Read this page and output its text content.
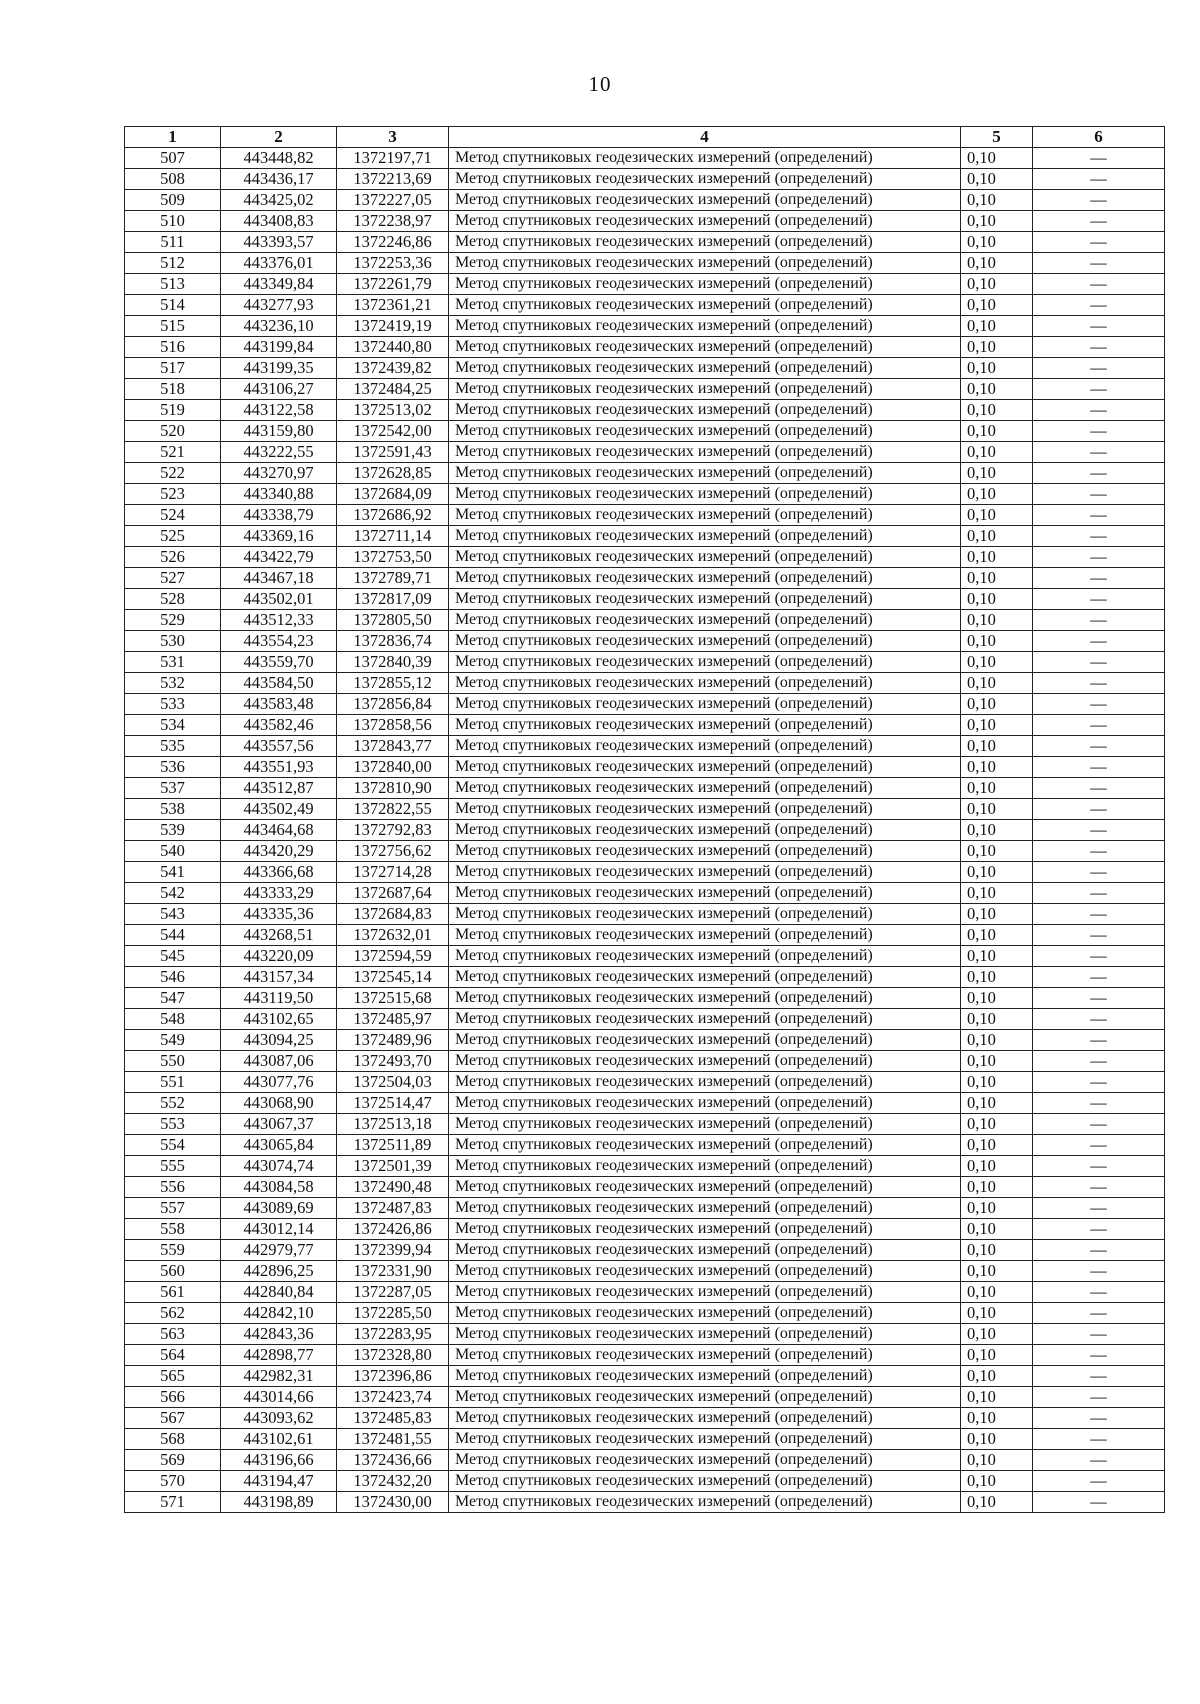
10
1	2	3	4	5	6
507	443448,82	1372197,71	Метод спутниковых геодезических измерений (определений)	0,10	—
508	443436,17	1372213,69	Метод спутниковых геодезических измерений (определений)	0,10	—
509	443425,02	1372227,05	Метод спутниковых геодезических измерений (определений)	0,10	—
510	443408,83	1372238,97	Метод спутниковых геодезических измерений (определений)	0,10	—
511	443393,57	1372246,86	Метод спутниковых геодезических измерений (определений)	0,10	—
512	443376,01	1372253,36	Метод спутниковых геодезических измерений (определений)	0,10	—
513	443349,84	1372261,79	Метод спутниковых геодезических измерений (определений)	0,10	—
514	443277,93	1372361,21	Метод спутниковых геодезических измерений (определений)	0,10	—
515	443236,10	1372419,19	Метод спутниковых геодезических измерений (определений)	0,10	—
516	443199,84	1372440,80	Метод спутниковых геодезических измерений (определений)	0,10	—
517	443199,35	1372439,82	Метод спутниковых геодезических измерений (определений)	0,10	—
518	443106,27	1372484,25	Метод спутниковых геодезических измерений (определений)	0,10	—
519	443122,58	1372513,02	Метод спутниковых геодезических измерений (определений)	0,10	—
520	443159,80	1372542,00	Метод спутниковых геодезических измерений (определений)	0,10	—
521	443222,55	1372591,43	Метод спутниковых геодезических измерений (определений)	0,10	—
522	443270,97	1372628,85	Метод спутниковых геодезических измерений (определений)	0,10	—
523	443340,88	1372684,09	Метод спутниковых геодезических измерений (определений)	0,10	—
524	443338,79	1372686,92	Метод спутниковых геодезических измерений (определений)	0,10	—
525	443369,16	1372711,14	Метод спутниковых геодезических измерений (определений)	0,10	—
526	443422,79	1372753,50	Метод спутниковых геодезических измерений (определений)	0,10	—
527	443467,18	1372789,71	Метод спутниковых геодезических измерений (определений)	0,10	—
528	443502,01	1372817,09	Метод спутниковых геодезических измерений (определений)	0,10	—
529	443512,33	1372805,50	Метод спутниковых геодезических измерений (определений)	0,10	—
530	443554,23	1372836,74	Метод спутниковых геодезических измерений (определений)	0,10	—
531	443559,70	1372840,39	Метод спутниковых геодезических измерений (определений)	0,10	—
532	443584,50	1372855,12	Метод спутниковых геодезических измерений (определений)	0,10	—
533	443583,48	1372856,84	Метод спутниковых геодезических измерений (определений)	0,10	—
534	443582,46	1372858,56	Метод спутниковых геодезических измерений (определений)	0,10	—
535	443557,56	1372843,77	Метод спутниковых геодезических измерений (определений)	0,10	—
536	443551,93	1372840,00	Метод спутниковых геодезических измерений (определений)	0,10	—
537	443512,87	1372810,90	Метод спутниковых геодезических измерений (определений)	0,10	—
538	443502,49	1372822,55	Метод спутниковых геодезических измерений (определений)	0,10	—
539	443464,68	1372792,83	Метод спутниковых геодезических измерений (определений)	0,10	—
540	443420,29	1372756,62	Метод спутниковых геодезических измерений (определений)	0,10	—
541	443366,68	1372714,28	Метод спутниковых геодезических измерений (определений)	0,10	—
542	443333,29	1372687,64	Метод спутниковых геодезических измерений (определений)	0,10	—
543	443335,36	1372684,83	Метод спутниковых геодезических измерений (определений)	0,10	—
544	443268,51	1372632,01	Метод спутниковых геодезических измерений (определений)	0,10	—
545	443220,09	1372594,59	Метод спутниковых геодезических измерений (определений)	0,10	—
546	443157,34	1372545,14	Метод спутниковых геодезических измерений (определений)	0,10	—
547	443119,50	1372515,68	Метод спутниковых геодезических измерений (определений)	0,10	—
548	443102,65	1372485,97	Метод спутниковых геодезических измерений (определений)	0,10	—
549	443094,25	1372489,96	Метод спутниковых геодезических измерений (определений)	0,10	—
550	443087,06	1372493,70	Метод спутниковых геодезических измерений (определений)	0,10	—
551	443077,76	1372504,03	Метод спутниковых геодезических измерений (определений)	0,10	—
552	443068,90	1372514,47	Метод спутниковых геодезических измерений (определений)	0,10	—
553	443067,37	1372513,18	Метод спутниковых геодезических измерений (определений)	0,10	—
554	443065,84	1372511,89	Метод спутниковых геодезических измерений (определений)	0,10	—
555	443074,74	1372501,39	Метод спутниковых геодезических измерений (определений)	0,10	—
556	443084,58	1372490,48	Метод спутниковых геодезических измерений (определений)	0,10	—
557	443089,69	1372487,83	Метод спутниковых геодезических измерений (определений)	0,10	—
558	443012,14	1372426,86	Метод спутниковых геодезических измерений (определений)	0,10	—
559	442979,77	1372399,94	Метод спутниковых геодезических измерений (определений)	0,10	—
560	442896,25	1372331,90	Метод спутниковых геодезических измерений (определений)	0,10	—
561	442840,84	1372287,05	Метод спутниковых геодезических измерений (определений)	0,10	—
562	442842,10	1372285,50	Метод спутниковых геодезических измерений (определений)	0,10	—
563	442843,36	1372283,95	Метод спутниковых геодезических измерений (определений)	0,10	—
564	442898,77	1372328,80	Метод спутниковых геодезических измерений (определений)	0,10	—
565	442982,31	1372396,86	Метод спутниковых геодезических измерений (определений)	0,10	—
566	443014,66	1372423,74	Метод спутниковых геодезических измерений (определений)	0,10	—
567	443093,62	1372485,83	Метод спутниковых геодезических измерений (определений)	0,10	—
568	443102,61	1372481,55	Метод спутниковых геодезических измерений (определений)	0,10	—
569	443196,66	1372436,66	Метод спутниковых геодезических измерений (определений)	0,10	—
570	443194,47	1372432,20	Метод спутниковых геодезических измерений (определений)	0,10	—
571	443198,89	1372430,00	Метод спутниковых геодезических измерений (определений)	0,10	—
